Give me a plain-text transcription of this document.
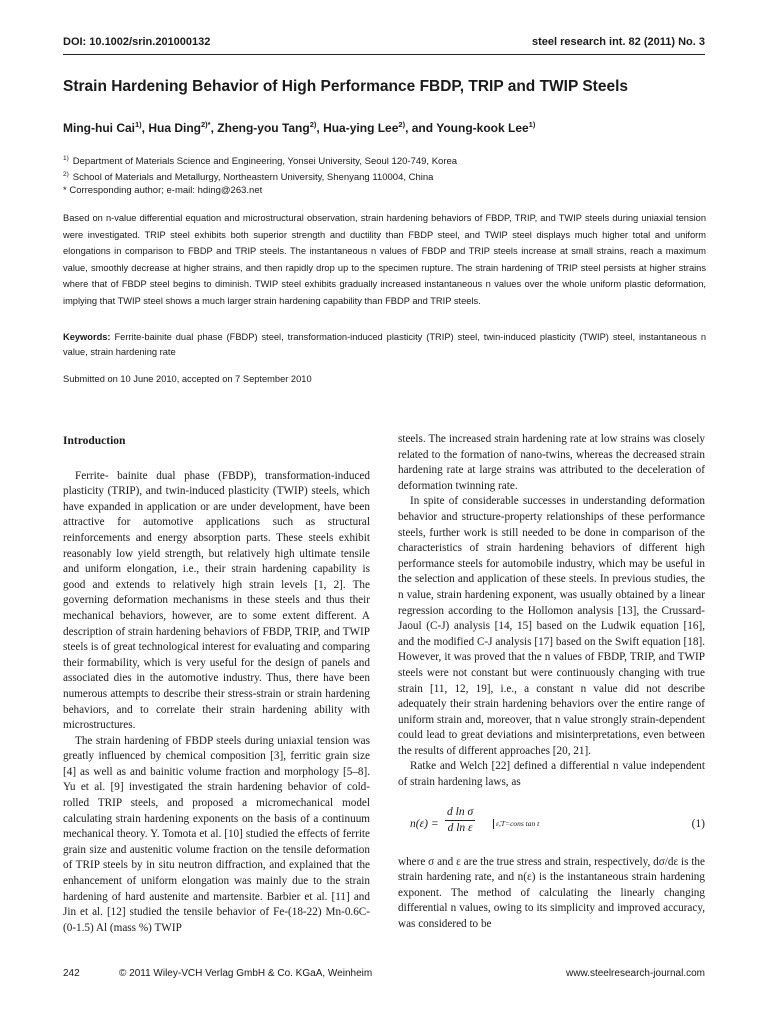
DOI: 10.1002/srin.201000132	steel research int. 82 (2011) No. 3
Strain Hardening Behavior of High Performance FBDP, TRIP and TWIP Steels
Ming-hui Cai$^{1)}$, Hua Ding$^{2)*}$, Zheng-you Tang$^{2)}$, Hua-ying Lee$^{2)}$, and Young-kook Lee$^{1)}$
$^{1)}$ Department of Materials Science and Engineering, Yonsei University, Seoul 120-749, Korea
$^{2)}$ School of Materials and Metallurgy, Northeastern University, Shenyang 110004, China
* Corresponding author; e-mail: hding@263.net
Based on n-value differential equation and microstructural observation, strain hardening behaviors of FBDP, TRIP, and TWIP steels during uniaxial tension were investigated. TRIP steel exhibits both superior strength and ductility than FBDP steel, and TWIP steel displays much higher total and uniform elongations in comparison to FBDP and TRIP steels. The instantaneous n values of FBDP and TRIP steels increase at small strains, reach a maximum value, smoothly decrease at higher strains, and then rapidly drop up to the specimen rupture. The strain hardening of TRIP steel persists at higher strains where that of FBDP steel begins to diminish. TWIP steel exhibits gradually increased instantaneous n values over the whole uniform plastic deformation, implying that TWIP steel shows a much larger strain hardening capability than FBDP and TRIP steels.
Keywords: Ferrite-bainite dual phase (FBDP) steel, transformation-induced plasticity (TRIP) steel, twin-induced plasticity (TWIP) steel, instantaneous n value, strain hardening rate
Submitted on 10 June 2010, accepted on 7 September 2010
Introduction

Ferrite- bainite dual phase (FBDP), transformation-induced plasticity (TRIP), and twin-induced plasticity (TWIP) steels, which have expanded in application or are under development, have been attractive for automotive applications such as structural reinforcements and energy absorption parts. These steels exhibit reasonably low yield strength, but relatively high ultimate tensile and uniform elongation, i.e., their strain hardening capability is good and extends to relatively high strain levels [1, 2]. The governing deformation mechanisms in these steels and thus their mechanical behaviors, however, are to some extent different. A description of strain hardening behaviors of FBDP, TRIP, and TWIP steels is of great technological interest for evaluating and comparing their formability, which is very useful for the design of panels and associated dies in the automotive industry. Thus, there have been numerous attempts to describe their stress-strain or strain hardening behaviors, and to correlate their strain hardening ability with microstructures.

The strain hardening of FBDP steels during uniaxial tension was greatly influenced by chemical composition [3], ferritic grain size [4] as well as and bainitic volume fraction and morphology [5–8]. Yu et al. [9] investigated the strain hardening behavior of cold-rolled TRIP steels, and proposed a micromechanical model calculating strain hardening exponents on the basis of a continuum mechanical theory. Y. Tomota et al. [10] studied the effects of ferrite grain size and austenitic volume fraction on the tensile deformation of TRIP steels by in situ neutron diffraction, and explained that the enhancement of uniform elongation was mainly due to the strain hardening of hard austenite and martensite. Barbier et al. [11] and Jin et al. [12] studied the tensile behavior of Fe-(18-22) Mn-0.6C-(0-1.5) Al (mass %) TWIP

steels. The increased strain hardening rate at low strains was closely related to the formation of nano-twins, whereas the decreased strain hardening rate at large strains was attributed to the deceleration of deformation twinning rate.

In spite of considerable successes in understanding deformation behavior and structure-property relationships of these performance steels, further work is still needed to be done in comparison of the characteristics of strain hardening behaviors of different high performance steels for automobile industry, which may be useful in the selection and application of these steels. In previous studies, the n value, strain hardening exponent, was usually obtained by a linear regression according to the Hollomon analysis [13], the Crussard-Jaoul (C-J) analysis [14, 15] based on the Ludwik equation [16], and the modified C-J analysis [17] based on the Swift equation [18]. However, it was proved that the n values of FBDP, TRIP, and TWIP steels were not constant but were continuously changing with true strain [11, 12, 19], i.e., a constant n value did not describe adequately their strain hardening behaviors over the entire range of uniform strain and, moreover, that n value strongly strain-dependent could lead to great deviations and misinterpretations, even between the results of different approaches [20, 21].

Ratke and Welch [22] defined a differential n value independent of strain hardening laws, as

$n(\varepsilon) = \frac{\text{d ln σ}}{\text{d ln ε}}$	ε̇,T=cons tan t	(1)

where σ and ε are the true stress and strain, respectively, dσ/dε is the strain hardening rate, and n(ε) is the instantaneous strain hardening exponent. The method of calculating the linearly changing differential n values, owing to its simplicity and improved accuracy, was considered to be

242	© 2011 Wiley-VCH Verlag GmbH & Co. KGaA, Weinheim	www.steelresearch-journal.com
